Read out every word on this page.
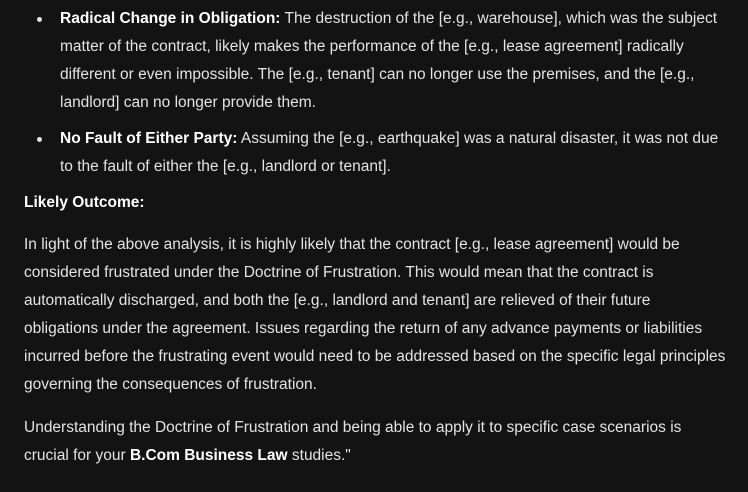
Radical Change in Obligation: The destruction of the [e.g., warehouse], which was the subject matter of the contract, likely makes the performance of the [e.g., lease agreement] radically different or even impossible. The [e.g., tenant] can no longer use the premises, and the [e.g., landlord] can no longer provide them.
No Fault of Either Party: Assuming the [e.g., earthquake] was a natural disaster, it was not due to the fault of either the [e.g., landlord or tenant].

Likely Outcome:

In light of the above analysis, it is highly likely that the contract [e.g., lease agreement] would be considered frustrated under the Doctrine of Frustration. This would mean that the contract is automatically discharged, and both the [e.g., landlord and tenant] are relieved of their future obligations under the agreement. Issues regarding the return of any advance payments or liabilities incurred before the frustrating event would need to be addressed based on the specific legal principles governing the consequences of frustration.

Understanding the Doctrine of Frustration and being able to apply it to specific case scenarios is crucial for your B.Com Business Law studies."
